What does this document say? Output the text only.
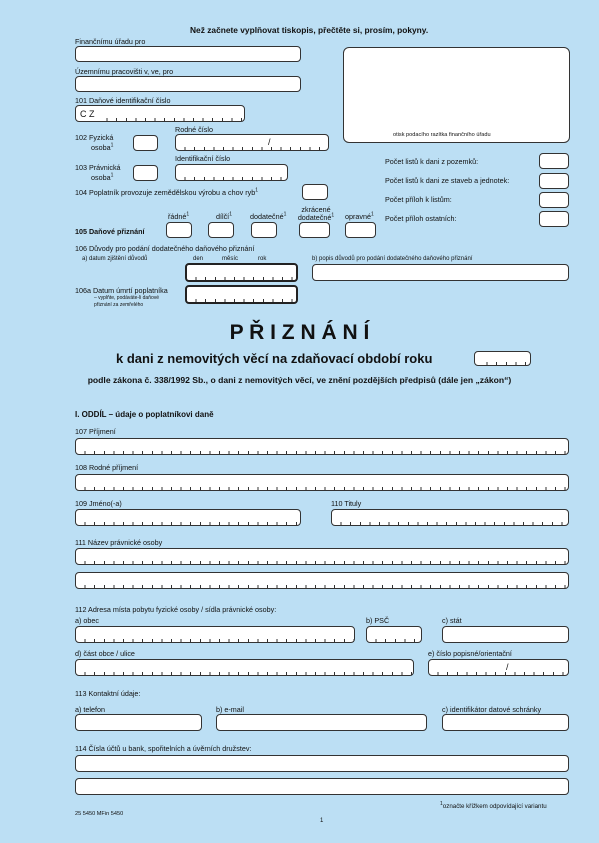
Než začnete vyplňovat tiskopis, přečtěte si, prosím, pokyny.
Finančnímu úřadu pro
Územnímu pracovišti v, ve, pro
otisk podacího razítka finančního úřadu
101 Daňové identifikační číslo
C Z
102 Fyzická
osoba$^1$
Rodné číslo
/
103 Právnická
osoba$^1$
Identifikační číslo
104 Poplatník provozuje zemědělskou výrobu a chov ryb$^1$
105 Daňové přiznání
řádné$^1$	dílčí$^1$	dodatečné$^1$
zkrácené dodatečné$^1$ opravné$^1$
Počet listů k dani z pozemků:
Počet listů k dani ze staveb a jednotek:
Počet příloh k listům:
Počet příloh ostatních:
106 Důvody pro podání dodatečného daňového přiznání
a) datum zjištění důvodů	den	měsíc	rok	b) popis důvodů pro podání dodatečného daňového přiznání
106a Datum úmrtí poplatníka
– vyplňte, podáváte-li daňové
přiznání za zemřelého
P Ř I Z N Á N Í
k dani z nemovitých věcí na zdaňovací období roku
podle zákona č. 338/1992 Sb., o dani z nemovitých věcí, ve znění pozdějších předpisů (dále jen „zákon“)
I. ODDÍL – údaje o poplatníkovi daně
107 Příjmení
108 Rodné příjmení
109 Jméno(-a)	110 Tituly
111 Název právnické osoby
112 Adresa místa pobytu fyzické osoby / sídla právnické osoby:
a) obec	b) PSČ	c) stát
d) část obce / ulice	e) číslo popisné/orientační
/
113 Kontaktní údaje:
a) telefon	b) e-mail	c) identifikátor datové schránky
114 Čísla účtů u bank, spořitelních a úvěrních družstev:
$^1$označte křížkem odpovídající variantu
25 5450 MFin 5450
1
